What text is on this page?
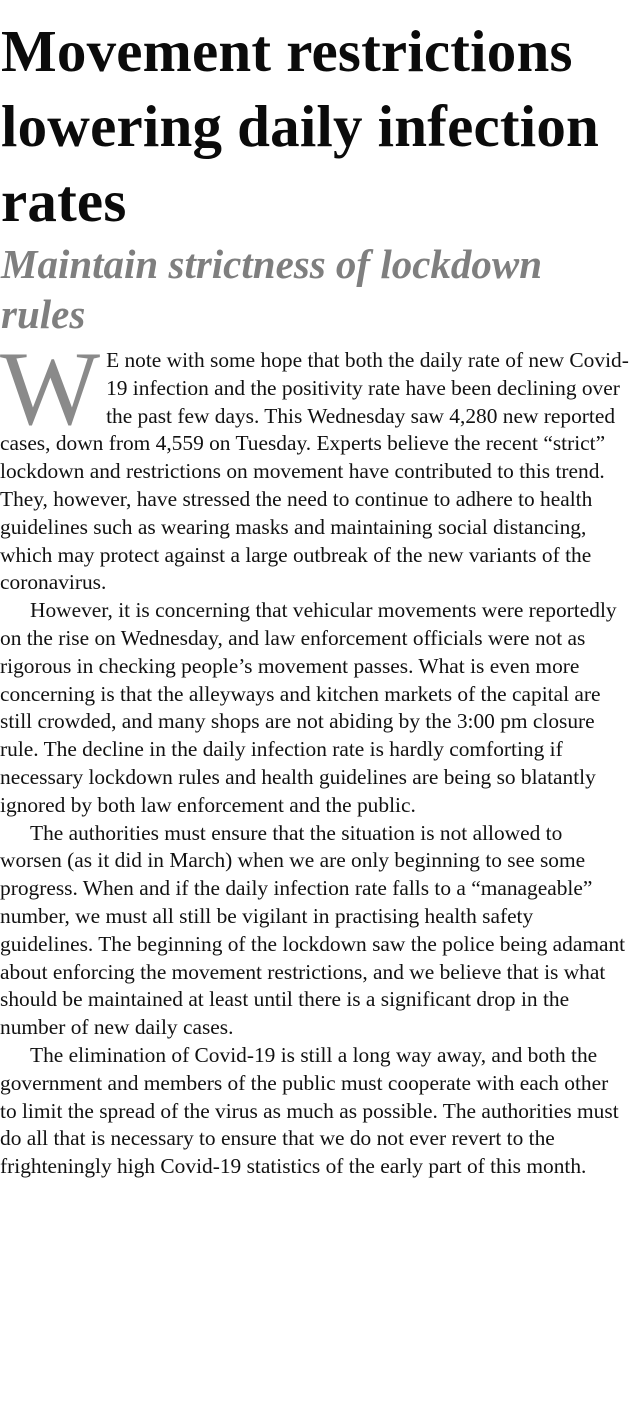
Movement restrictions lowering daily infection rates
Maintain strictness of lockdown rules

W E note with some hope that both the daily rate of new Covid-19 infection and the positivity rate have been declining over the past few days. This Wednesday saw 4,280 new reported cases, down from 4,559 on Tuesday. Experts believe the recent “strict” lockdown and restrictions on movement have contributed to this trend. They, however, have stressed the need to continue to adhere to health guidelines such as wearing masks and maintaining social distancing, which may protect against a large outbreak of the new variants of the coronavirus.

However, it is concerning that vehicular movements were reportedly on the rise on Wednesday, and law enforcement officials were not as rigorous in checking people’s movement passes. What is even more concerning is that the alleyways and kitchen markets of the capital are still crowded, and many shops are not abiding by the 3:00 pm closure rule. The decline in the daily infection rate is hardly comforting if necessary lockdown rules and health guidelines are being so blatantly ignored by both law enforcement and the public.

The authorities must ensure that the situation is not allowed to worsen (as it did in March) when we are only beginning to see some progress. When and if the daily infection rate falls to a “manageable” number, we must all still be vigilant in practising health safety guidelines. The beginning of the lockdown saw the police being adamant about enforcing the movement restrictions, and we believe that is what should be maintained at least until there is a significant drop in the number of new daily cases.

The elimination of Covid-19 is still a long way away, and both the government and members of the public must cooperate with each other to limit the spread of the virus as much as possible. The authorities must do all that is necessary to ensure that we do not ever revert to the frighteningly high Covid-19 statistics of the early part of this month.
